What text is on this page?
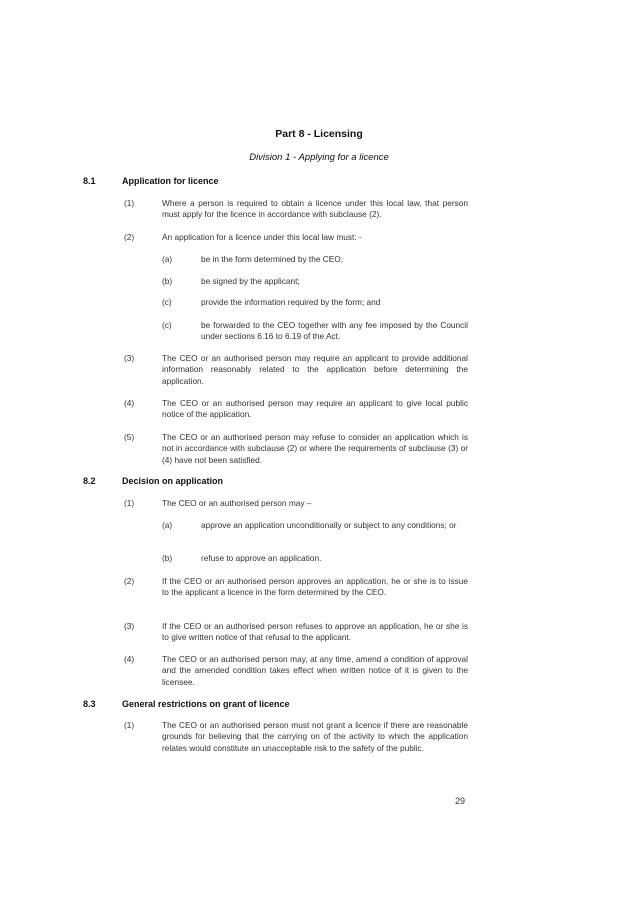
Part 8 - Licensing
Division 1 - Applying for a licence
8.1	Application for licence
(1)	Where a person is required to obtain a licence under this local law, that person must apply for the licence in accordance with subclause (2).
(2)	An application for a licence under this local law must: -
(a)	be in the form determined by the CEO;
(b)	be signed by the applicant;
(c)	provide the information required by the form; and
(c)	be forwarded to the CEO together with any fee imposed by the Council under sections 6.16 to 6.19 of the Act.
(3)	The CEO or an authorised person may require an applicant to provide additional information reasonably related to the application before determining the application.
(4)	The CEO or an authorised person may require an applicant to give local public notice of the application.
(5)	The CEO or an authorised person may refuse to consider an application which is not in accordance with subclause (2) or where the requirements of subclause (3) or (4) have not been satisfied.
8.2	Decision on application
(1)	The CEO or an authorised person may –
(a)	approve an application unconditionally or subject to any conditions; or
(b)	refuse to approve an application.
(2)	If the CEO or an authorised person approves an application, he or she is to issue to the applicant a licence in the form determined by the CEO.
(3)	If the CEO or an authorised person refuses to approve an application, he or she is to give written notice of that refusal to the applicant.
(4)	The CEO or an authorised person may, at any time, amend a condition of approval and the amended condition takes effect when written notice of it is given to the licensee.
8.3	General restrictions on grant of licence
(1)	The CEO or an authorised person must not grant a licence if there are reasonable grounds for believing that the carrying on of the activity to which the application relates would constitute an unacceptable risk to the safety of the public.
29
